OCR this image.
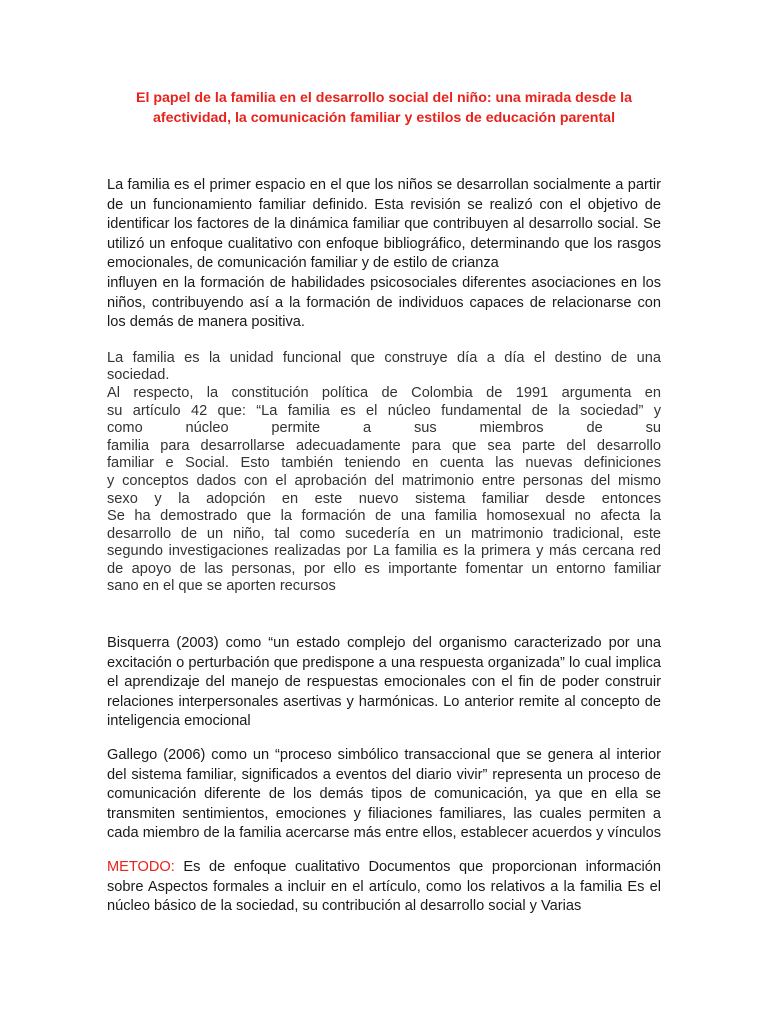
El papel de la familia en el desarrollo social del niño: una mirada desde la afectividad, la comunicación familiar y estilos de educación parental

La familia es el primer espacio en el que los niños se desarrollan socialmente a partir de un funcionamiento familiar definido. Esta revisión se realizó con el objetivo de identificar los factores de la dinámica familiar que contribuyen al desarrollo social. Se utilizó un enfoque cualitativo con enfoque bibliográfico, determinando que los rasgos emocionales, de comunicación familiar y de estilo de crianza

influyen en la formación de habilidades psicosociales diferentes asociaciones en los niños, contribuyendo así a la formación de individuos capaces de relacionarse con los demás de manera positiva.

La familia es la unidad funcional que construye día a día el destino de una

sociedad.

Al respecto, la constitución política de Colombia de 1991 argumenta en

su artículo 42 que: “La familia es el núcleo fundamental de la sociedad” y

como núcleo permite a sus miembros de su

familia para desarrollarse adecuadamente para que sea parte del desarrollo

familiar e Social. Esto también teniendo en cuenta las nuevas definiciones

y conceptos dados con el aprobación del matrimonio entre personas del mismo

sexo y la adopción en este nuevo sistema familiar desde entonces

Se ha demostrado que la formación de una familia homosexual no afecta la

desarrollo de un niño, tal como sucedería en un matrimonio tradicional, este

segundo investigaciones realizadas por La familia es la primera y más cercana red

de apoyo de las personas, por ello es importante fomentar un entorno familiar

sano en el que se aporten recursos

Bisquerra (2003) como “un estado complejo del organismo caracterizado por una excitación o perturbación que predispone a una respuesta organizada” lo cual implica el aprendizaje del manejo de respuestas emocionales con el fin de poder construir relaciones interpersonales asertivas y harmónicas. Lo anterior remite al concepto de inteligencia emocional

Gallego (2006) como un “proceso simbólico transaccional que se genera al interior del sistema familiar, significados a eventos del diario vivir” representa un proceso de comunicación diferente de los demás tipos de comunicación, ya que en ella se transmiten sentimientos, emociones y filiaciones familiares, las cuales permiten a cada miembro de la familia acercarse más entre ellos, establecer acuerdos y vínculos

METODO: Es de enfoque cualitativo Documentos que proporcionan información sobre Aspectos formales a incluir en el artículo, como los relativos a la familia Es el núcleo básico de la sociedad, su contribución al desarrollo social y Varias
